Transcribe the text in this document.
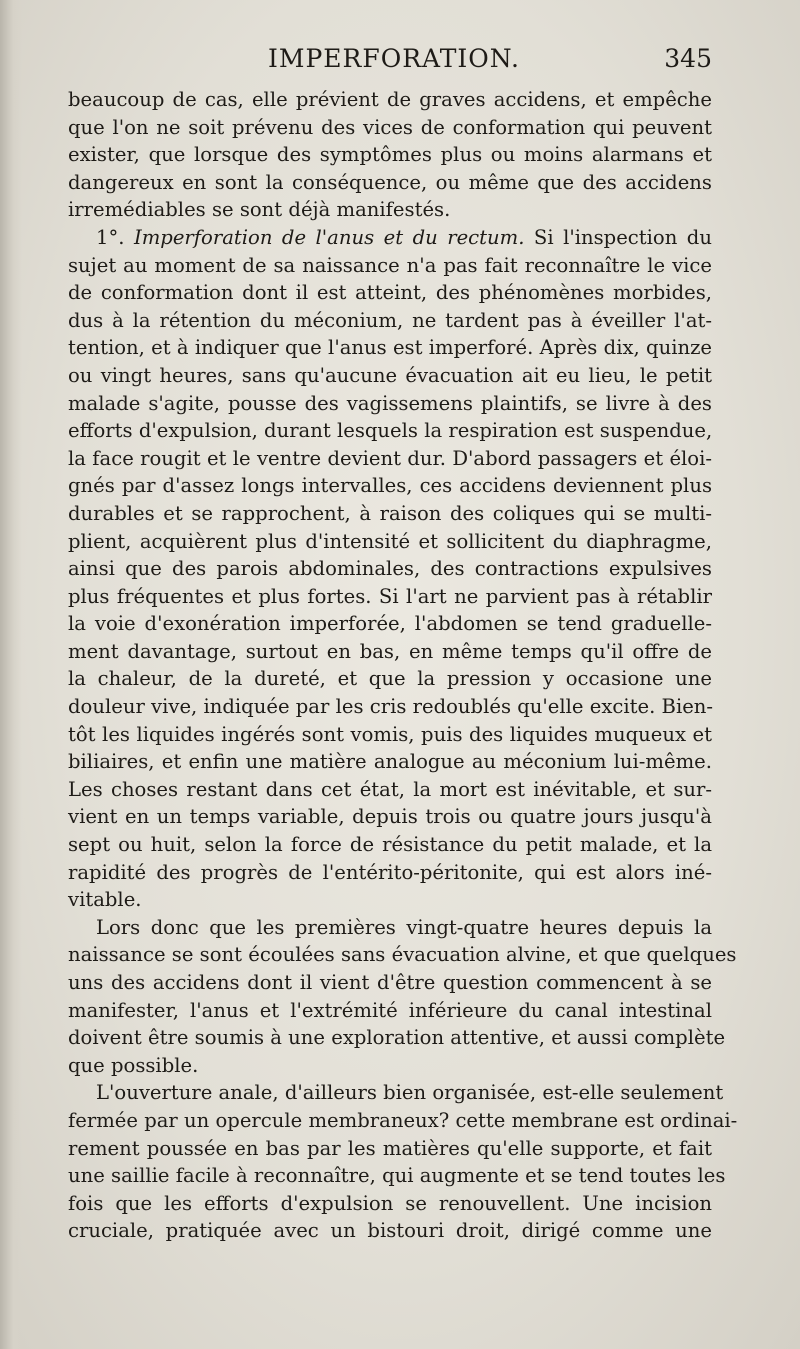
IMPERFORATION.	345
beaucoup de cas, elle prévient de graves accidens, et empêche
que l'on ne soit prévenu des vices de conformation qui peuvent
exister, que lorsque des symptômes plus ou moins alarmans et
dangereux en sont la conséquence, ou même que des accidens
irremédiables se sont déjà manifestés.
1°. Imperforation de l'anus et du rectum. Si l'inspection du
sujet au moment de sa naissance n'a pas fait reconnaître le vice
de conformation dont il est atteint, des phénomènes morbides,
dus à la rétention du méconium, ne tardent pas à éveiller l'at-
tention, et à indiquer que l'anus est imperforé. Après dix, quinze
ou vingt heures, sans qu'aucune évacuation ait eu lieu, le petit
malade s'agite, pousse des vagissemens plaintifs, se livre à des
efforts d'expulsion, durant lesquels la respiration est suspendue,
la face rougit et le ventre devient dur. D'abord passagers et éloi-
gnés par d'assez longs intervalles, ces accidens deviennent plus
durables et se rapprochent, à raison des coliques qui se multi-
plient, acquièrent plus d'intensité et sollicitent du diaphragme,
ainsi que des parois abdominales, des contractions expulsives
plus fréquentes et plus fortes. Si l'art ne parvient pas à rétablir
la voie d'exonération imperforée, l'abdomen se tend graduelle-
ment davantage, surtout en bas, en même temps qu'il offre de
la chaleur, de la dureté, et que la pression y occasione une
douleur vive, indiquée par les cris redoublés qu'elle excite. Bien-
tôt les liquides ingérés sont vomis, puis des liquides muqueux et
biliaires, et enfin une matière analogue au méconium lui-même.
Les choses restant dans cet état, la mort est inévitable, et sur-
vient en un temps variable, depuis trois ou quatre jours jusqu'à
sept ou huit, selon la force de résistance du petit malade, et la
rapidité des progrès de l'entérito-péritonite, qui est alors iné-
vitable.
Lors donc que les premières vingt-quatre heures depuis la
naissance se sont écoulées sans évacuation alvine, et que quelques
uns des accidens dont il vient d'être question commencent à se
manifester, l'anus et l'extrémité inférieure du canal intestinal
doivent être soumis à une exploration attentive, et aussi complète
que possible.
L'ouverture anale, d'ailleurs bien organisée, est-elle seulement
fermée par un opercule membraneux? cette membrane est ordinai-
rement poussée en bas par les matières qu'elle supporte, et fait
une saillie facile à reconnaître, qui augmente et se tend toutes les
fois que les efforts d'expulsion se renouvellent. Une incision
cruciale, pratiquée avec un bistouri droit, dirigé comme une
